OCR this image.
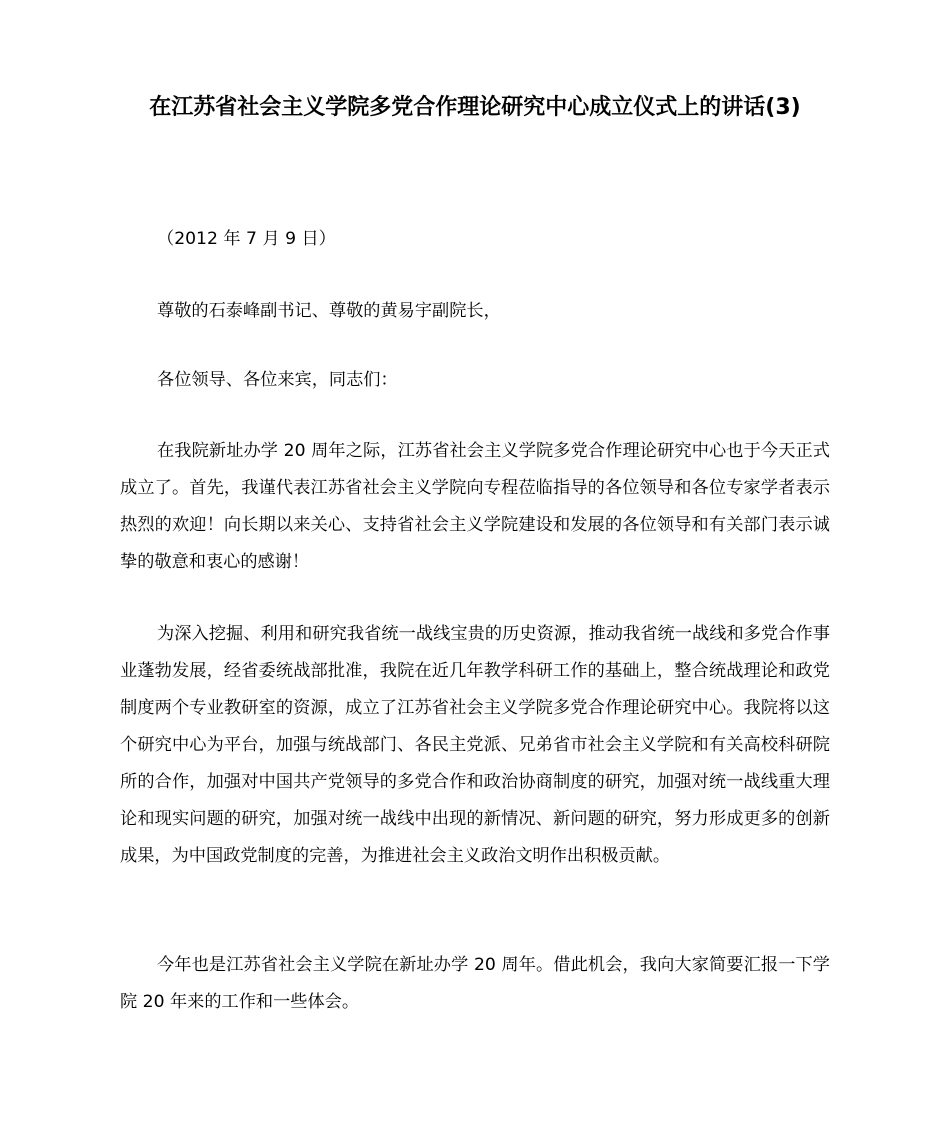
在江苏省社会主义学院多党合作理论研究中心成立仪式上的讲话(3)

（2012 年 7 月 9 日）

尊敬的石泰峰副书记、尊敬的黄易宇副院长，

各位领导、各位来宾，同志们：

在我院新址办学 20 周年之际，江苏省社会主义学院多党合作理论研究中心也于今天正式成立了。首先，我谨代表江苏省社会主义学院向专程莅临指导的各位领导和各位专家学者表示热烈的欢迎！向长期以来关心、支持省社会主义学院建设和发展的各位领导和有关部门表示诚挚的敬意和衷心的感谢！

为深入挖掘、利用和研究我省统一战线宝贵的历史资源，推动我省统一战线和多党合作事业蓬勃发展，经省委统战部批准，我院在近几年教学科研工作的基础上，整合统战理论和政党制度两个专业教研室的资源，成立了江苏省社会主义学院多党合作理论研究中心。我院将以这个研究中心为平台，加强与统战部门、各民主党派、兄弟省市社会主义学院和有关高校科研院所的合作，加强对中国共产党领导的多党合作和政治协商制度的研究，加强对统一战线重大理论和现实问题的研究，加强对统一战线中出现的新情况、新问题的研究，努力形成更多的创新成果，为中国政党制度的完善，为推进社会主义政治文明作出积极贡献。

今年也是江苏省社会主义学院在新址办学 20 周年。借此机会，我向大家简要汇报一下学院 20 年来的工作和一些体会。
